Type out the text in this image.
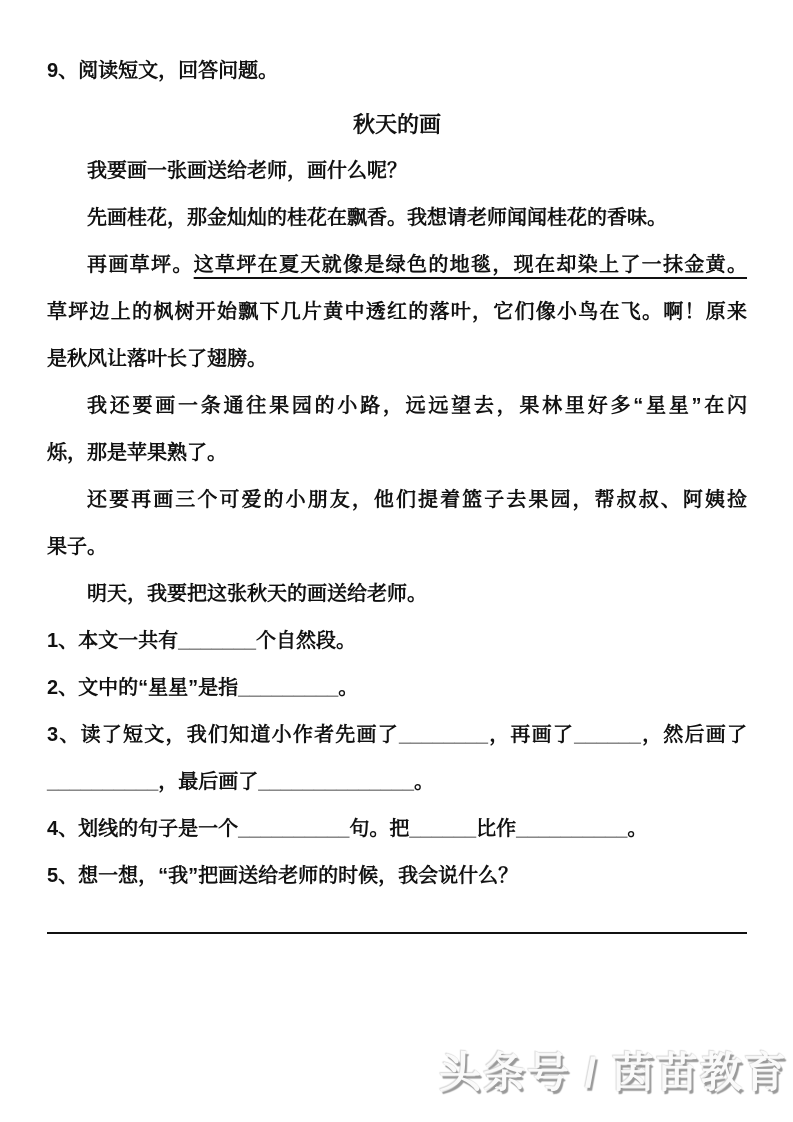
9、阅读短文，回答问题。
秋天的画
我要画一张画送给老师，画什么呢？
先画桂花，那金灿灿的桂花在飘香。我想请老师闻闻桂花的香味。
再画草坪。这草坪在夏天就像是绿色的地毯，现在却染上了一抹金黄。
草坪边上的枫树开始飘下几片黄中透红的落叶，它们像小鸟在飞。啊！原来
是秋风让落叶长了翅膀。
我还要画一条通往果园的小路，远远望去，果林里好多“星星”在闪
烁，那是苹果熟了。
还要再画三个可爱的小朋友，他们提着篮子去果园，帮叔叔、阿姨捡
果子。
明天，我要把这张秋天的画送给老师。
1、本文一共有_______个自然段。
2、文中的“星星”是指_________。
3、读了短文，我们知道小作者先画了________，再画了______，然后画了
__________，最后画了______________。
4、划线的句子是一个__________句。把______比作__________。
5、想一想，“我”把画送给老师的时候，我会说什么？
头条号 / 茵苗教育
